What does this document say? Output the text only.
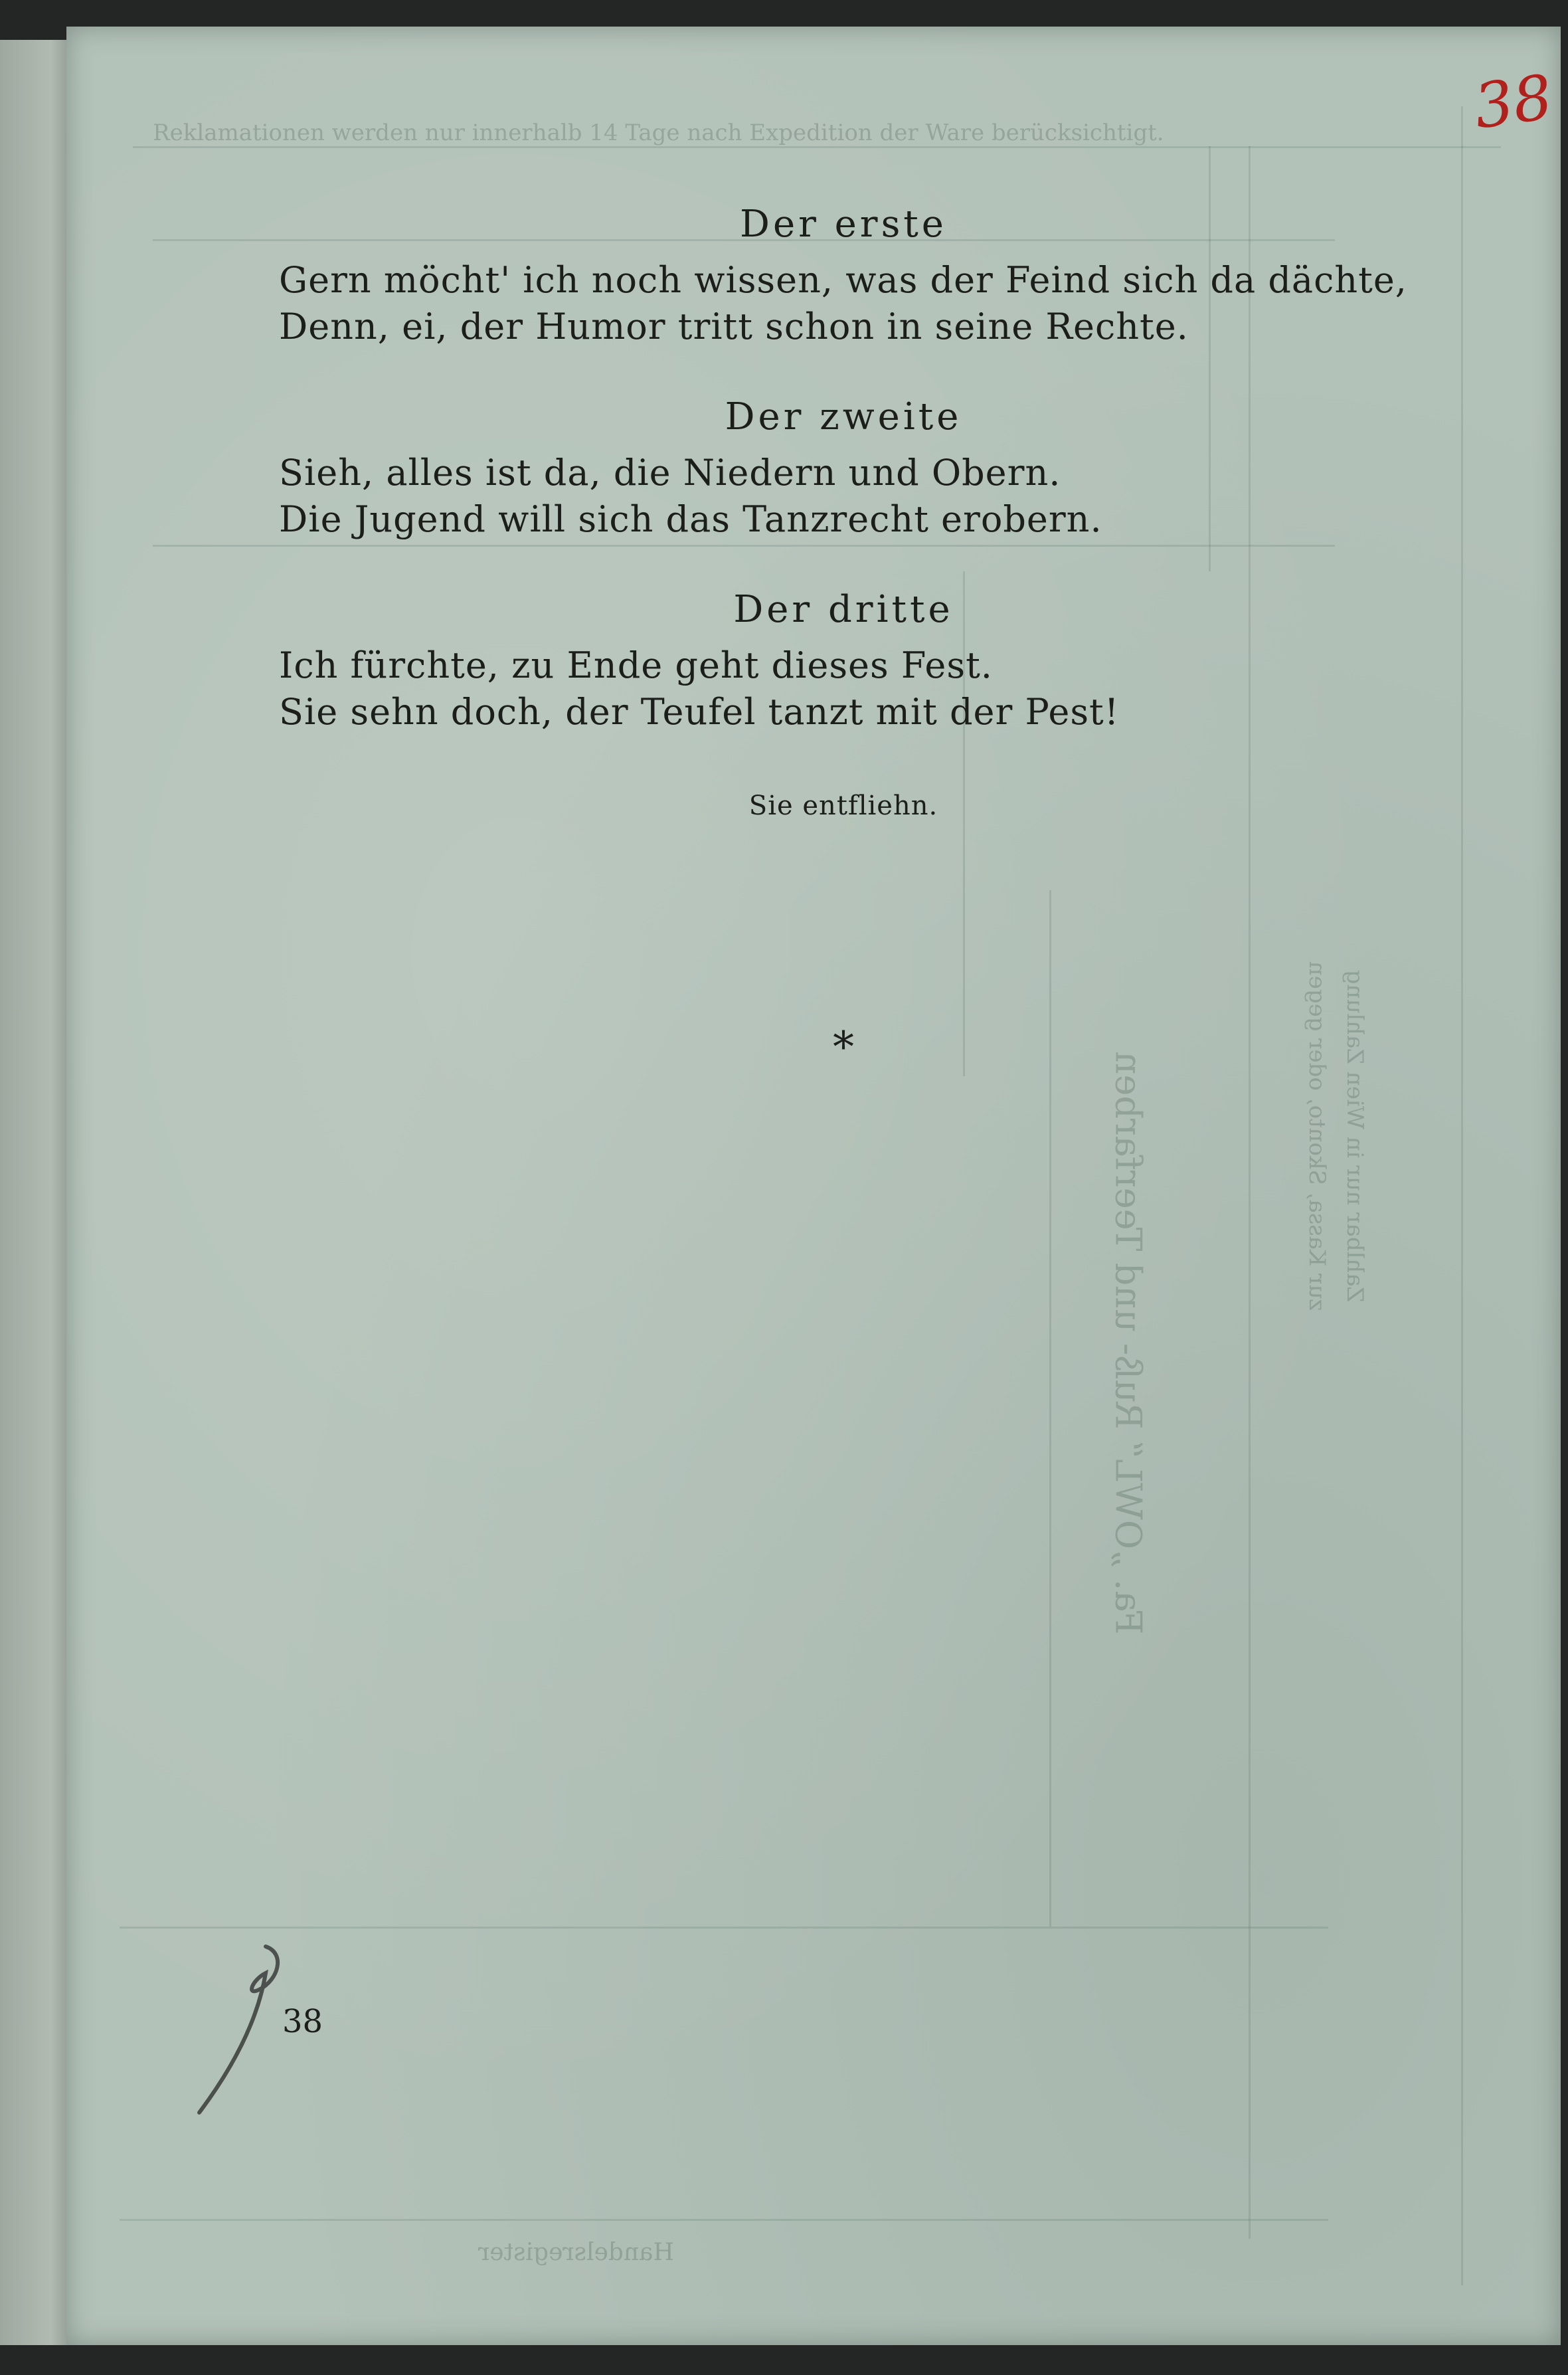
Reklamationen werden nur innerhalb 14 Tage nach Expedition der Ware berücksichtigt.
Fa. „OWL“ Ruß- und Teerfarben	Zahlbar nur in Wien Zahlung
zur Kassa, Skonto, oder gegen
Handelsregister
38
Der erste
Gern möcht' ich noch wissen, was der Feind sich da dächte,
Denn, ei, der Humor tritt schon in seine Rechte.
Der zweite
Sieh, alles ist da, die Niedern und Obern.
Die Jugend will sich das Tanzrecht erobern.
Der dritte
Ich fürchte, zu Ende geht dieses Fest.
Sie sehn doch, der Teufel tanzt mit der Pest!
Sie entfliehn.
*
38
